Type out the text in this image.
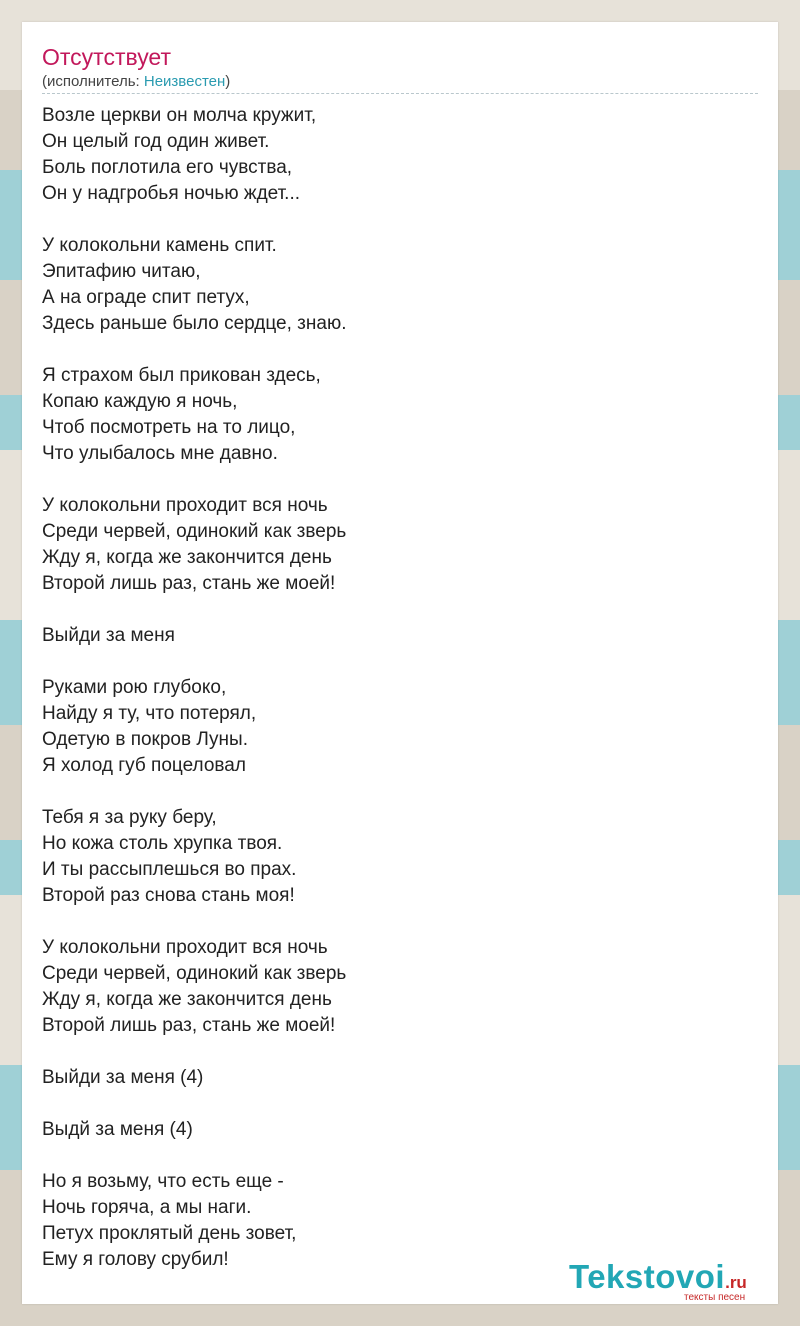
Отсутствует
(исполнитель: Неизвестен)
Возле церкви он молча кружит,
Он целый год один живет.
Боль поглотила его чувства,
Он у надгробья ночью ждет...
У колокольни камень спит.
Эпитафию читаю,
А на ограде спит петух,
Здесь раньше было сердце, знаю.
Я страхом был прикован здесь,
Копаю каждую я ночь,
Чтоб посмотреть на то лицо,
Что улыбалось мне давно.
У колокольни проходит вся ночь
Среди червей, одинокий как зверь
Жду я, когда же закончится день
Второй лишь раз, стань же моей!
Выйди за меня
Руками рою глубоко,
Найду я ту, что потерял,
Одетую в покров Луны.
Я холод губ поцеловал
Тебя я за руку беру,
Но кожа столь хрупка твоя.
И ты рассыплешься во прах.
Второй раз снова стань моя!
У колокольни проходит вся ночь
Среди червей, одинокий как зверь
Жду я, когда же закончится день
Второй лишь раз, стань же моей!
Выйди за меня (4)
Выдй за меня (4)
Но я возьму, что есть еще -
Ночь горяча, а мы наги.
Петух проклятый день зовет,
Ему я голову срубил!	Tekstovoi.ru
тексты песен
